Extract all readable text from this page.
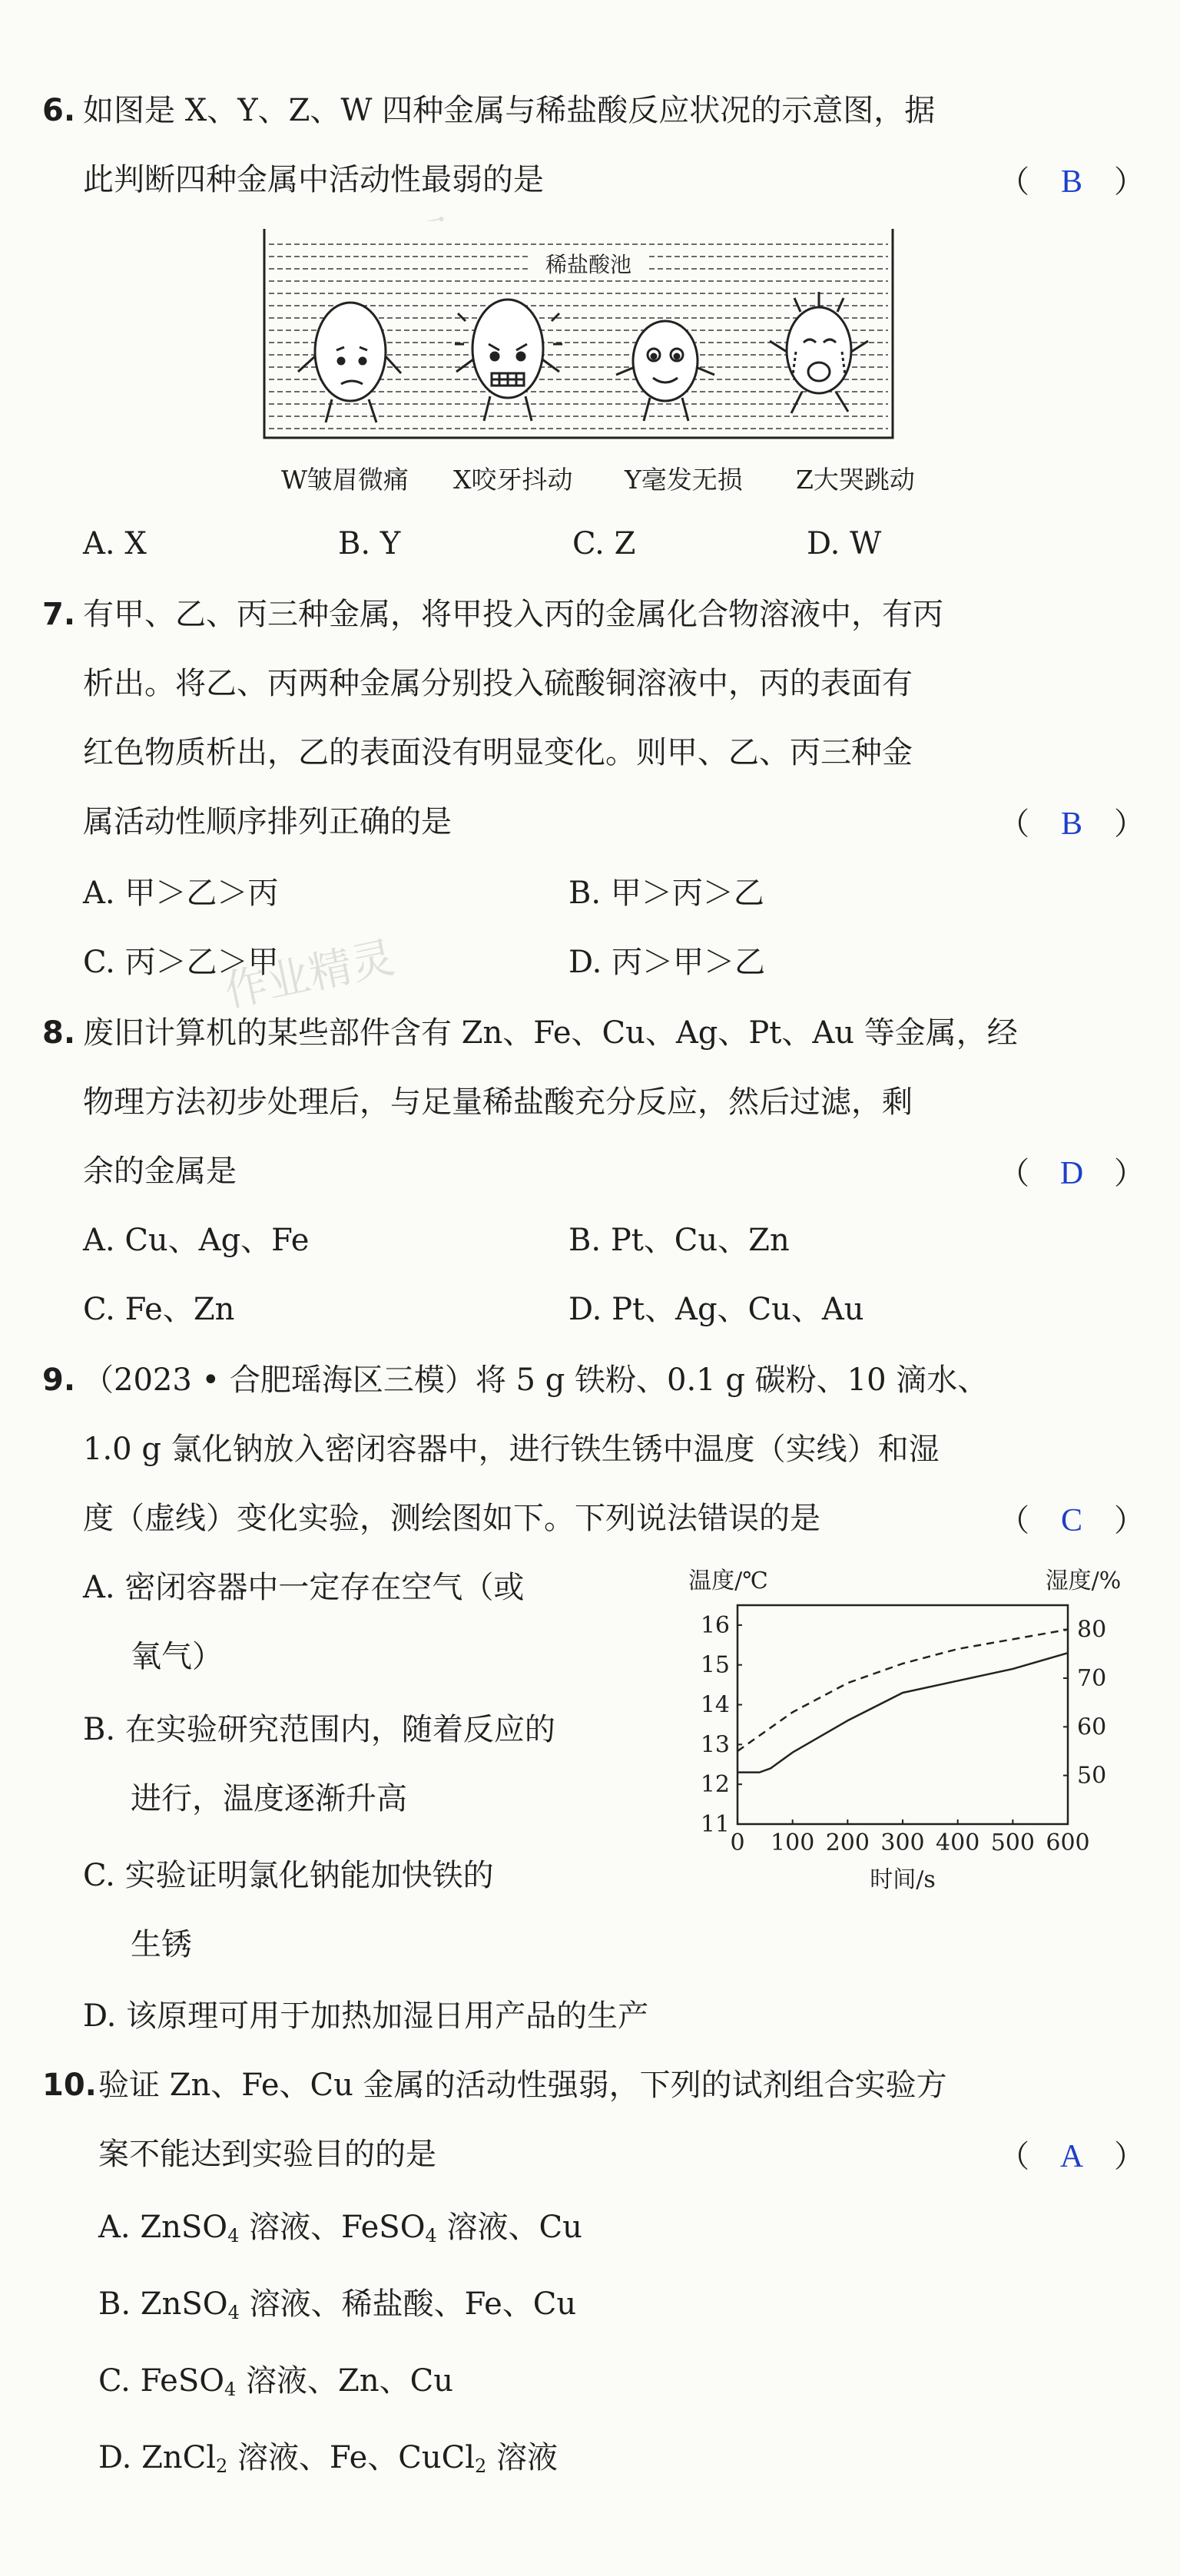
6. 如图是 X、Y、Z、W 四种金属与稀盐酸反应状况的示意图，据
此判断四种金属中活动性最弱的是	（ B ）
稀盐酸池
W皱眉微痛 X咬牙抖动 Y毫发无损 Z大哭跳动
A. X	B. Y	C. Z	D. W
7. 有甲、乙、丙三种金属，将甲投入丙的金属化合物溶液中，有丙
析出。将乙、丙两种金属分别投入硫酸铜溶液中，丙的表面有
红色物质析出，乙的表面没有明显变化。则甲、乙、丙三种金
属活动性顺序排列正确的是	（ B ）
A. 甲＞乙＞丙	B. 甲＞丙＞乙
C. 丙＞乙＞甲	D. 丙＞甲＞乙
作业精灵
8. 废旧计算机的某些部件含有 Zn、Fe、Cu、Ag、Pt、Au 等金属，经
物理方法初步处理后，与足量稀盐酸充分反应，然后过滤，剩
余的金属是	（ D ）
A. Cu、Ag、Fe	B. Pt、Cu、Zn
C. Fe、Zn	D. Pt、Ag、Cu、Au
9. （2023 • 合肥瑶海区三模）将 5 g 铁粉、0.1 g 碳粉、10 滴水、
1.0 g 氯化钠放入密闭容器中，进行铁生锈中温度（实线）和湿
度（虚线）变化实验，测绘图如下。下列说法错误的是	（ C ）
A. 密闭容器中一定存在空气（或
氧气）
B. 在实验研究范围内，随着反应的
进行，温度逐渐升高
C. 实验证明氯化钠能加快铁的
生锈
D. 该原理可用于加热加湿日用产品的生产
温度/℃	湿度/%
时间/s
0 100 200 300 400 500 600
11
12
13
14
15
16
50
60
70
80
10. 验证 Zn、Fe、Cu 金属的活动性强弱，下列的试剂组合实验方
案不能达到实验目的的是	（ A ）
A. ZnSO$_4$ 溶液、FeSO$_4$ 溶液、Cu
B. ZnSO$_4$ 溶液、稀盐酸、Fe、Cu
C. FeSO$_4$ 溶液、Zn、Cu
D. ZnCl$_2$ 溶液、Fe、CuCl$_2$ 溶液
